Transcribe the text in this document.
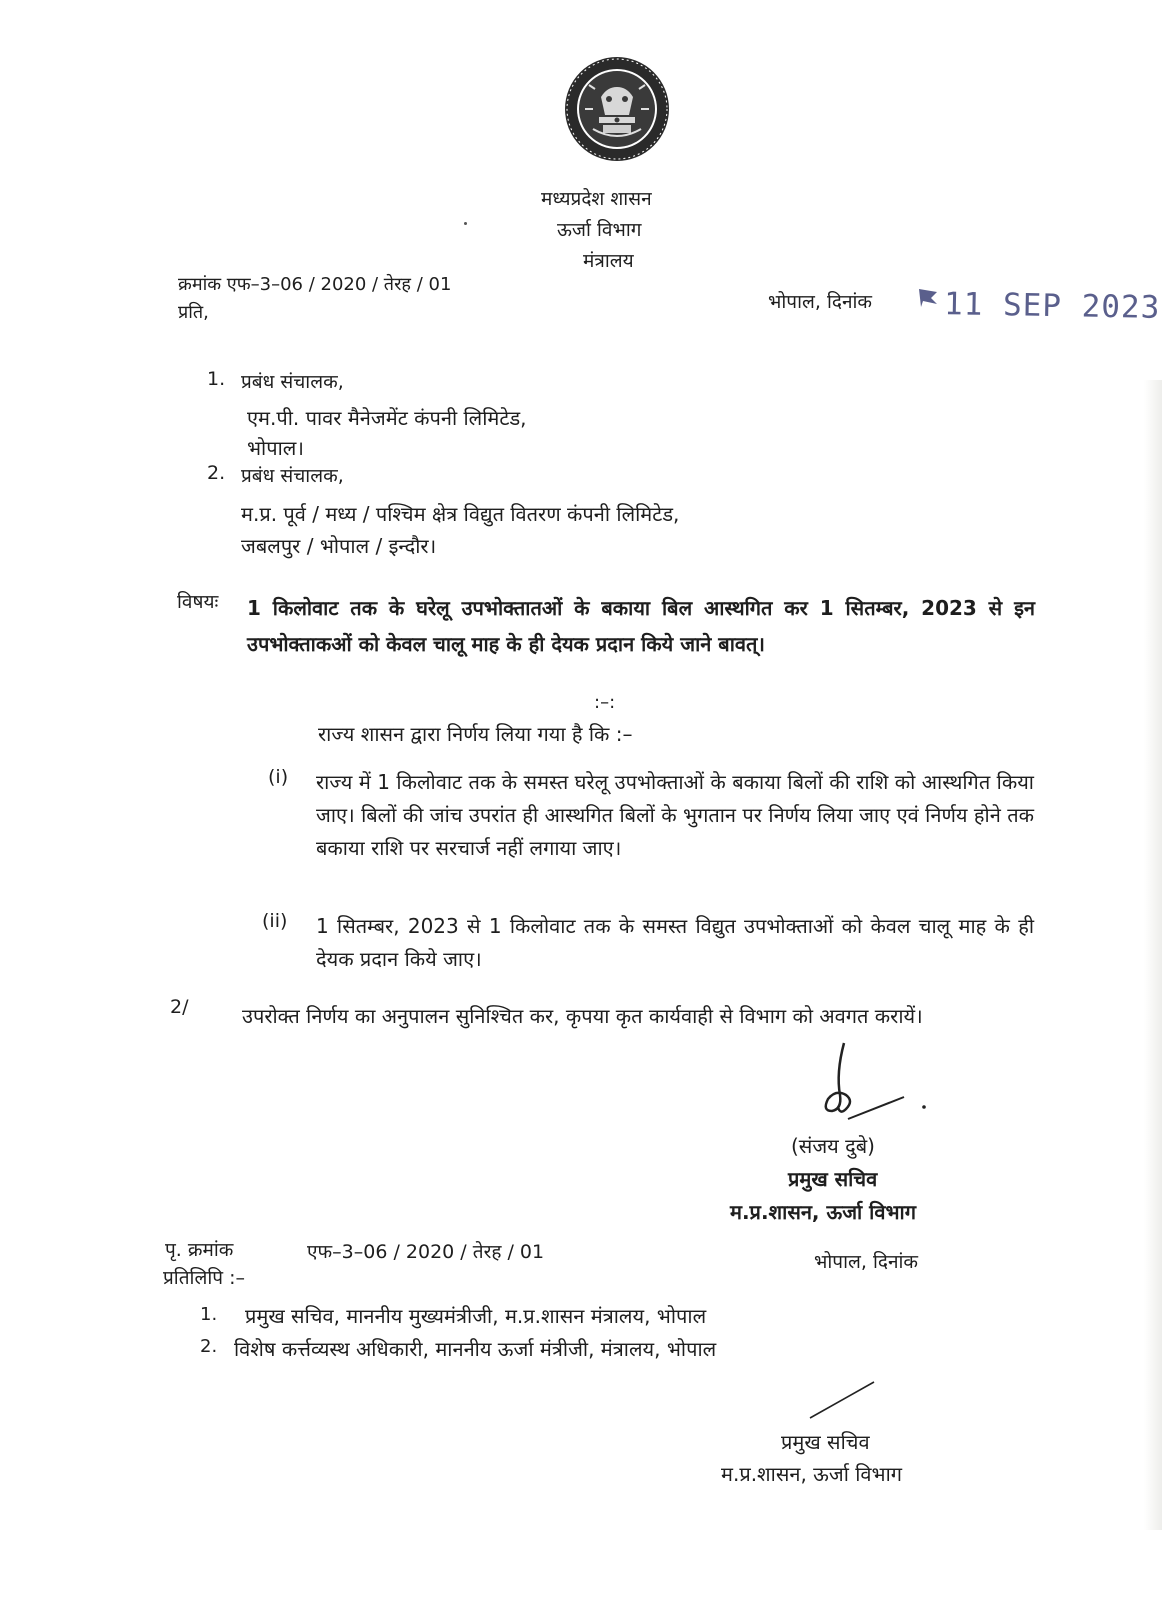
मध्यप्रदेश शासन
ऊर्जा विभाग
मंत्रालय
क्रमांक एफ–3–06 / 2020 / तेरह / 01
प्रति,	भोपाल, दिनांक 11 SEP 2023
1. प्रबंध संचालक,
एम.पी. पावर मैनेजमेंट कंपनी लिमिटेड,
भोपाल।
2. प्रबंध संचालक,
म.प्र. पूर्व / मध्य / पश्चिम क्षेत्र विद्युत वितरण कंपनी लिमिटेड,
जबलपुर / भोपाल / इन्दौर।
विषयः 1 किलोवाट तक के घरेलू उपभोक्तातओं के बकाया बिल आस्थगित कर 1 सितम्बर, 2023 से इन उपभोक्ताकओं को केवल चालू माह के ही देयक प्रदान किये जाने बावत्।
:–:
राज्य शासन द्वारा निर्णय लिया गया है कि :–
(i) राज्य में 1 किलोवाट तक के समस्त घरेलू उपभोक्ताओं के बकाया बिलों की राशि को आस्थगित किया जाए। बिलों की जांच उपरांत ही आस्थगित बिलों के भुगतान पर निर्णय लिया जाए एवं निर्णय होने तक बकाया राशि पर सरचार्ज नहीं लगाया जाए।
(ii) 1 सितम्बर, 2023 से 1 किलोवाट तक के समस्त विद्युत उपभोक्ताओं को केवल चालू माह के ही देयक प्रदान किये जाए।
2/	उपरोक्त निर्णय का अनुपालन सुनिश्चित कर, कृपया कृत कार्यवाही से विभाग को अवगत करायें।
(संजय दुबे)
प्रमुख सचिव
म.प्र.शासन, ऊर्जा विभाग
पृ. क्रमांक	एफ–3–06 / 2020 / तेरह / 01	भोपाल, दिनांक
प्रतिलिपि :–
1. प्रमुख सचिव, माननीय मुख्यमंत्रीजी, म.प्र.शासन मंत्रालय, भोपाल
2. विशेष कर्त्तव्यस्थ अधिकारी, माननीय ऊर्जा मंत्रीजी, मंत्रालय, भोपाल
प्रमुख सचिव
म.प्र.शासन, ऊर्जा विभाग
